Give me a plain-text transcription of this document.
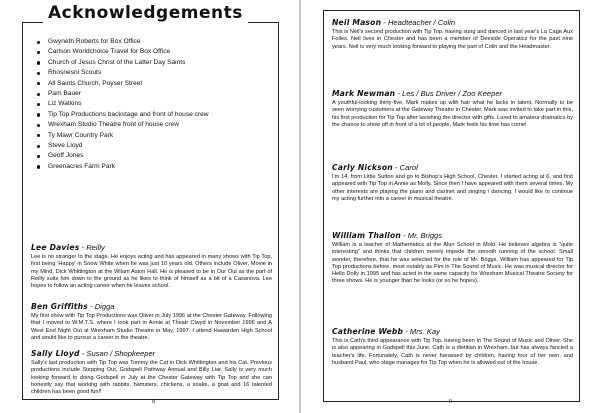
Gwyneth Roberts for Box Office
Carlson Worldchoice Travel for Box Office
Church of Jesus Christ of the Latter Day Saints
Rhosnesni Scouts
All Saints Church, Poyser Street
Pam Bauer
Liz Watkins
Tip Top Productions backstage and front of house crew
Wrexham Studio Theatre front of house crew
Ty Mawr Country Park
Steve Lloyd
Geoff Jones
Greenacres Farm Park
Acknowledgements
Lee Davies - Reilly

Lee is no stranger to the stage. He enjoys acting and has appeared in many shows with Tip Top, first being 'Happy' in Snow White when he was just 10 years old. Others include Oliver, Movie in my Mind, Dick Whittington at the Wilam Aston Hall. He is pleased to be in Our Out as the part of Reilly suits him down to the ground as he likes to think of himself as a bit of a Casanova. Lee hopes to follow an acting career when he leaves school.

Ben Griffiths - Digga

My first show with Tip Top Productions was Oliver in July 1996 at the Chester Gateway. Following that I moved to W.M.T.S. where I took part in Annie at Theatr Clwyd in November 1996 and A West End Night Out at Wrexham Studio Theatre in May, 1997. I attend Hawarden High School and would like to pursue a career in the theatre.

Sally Lloyd - Susan / Shopkeeper

Sally's last production with Tip Top was Tommy the Cat in Dick Whittington and his Cat. Previous productions include Stepping Out, Godspell Pathway Annual and Billy Liar. Sally is very much looking forward to doing Godspell in July at the Chester Gateway with Tip Top and she can honestly say that working with rabbits, hamsters, chickens, a snake, a goat and 16 talented children has been good fun!!

8
Neil Mason - Headteacher / Colin

This is Neil's second production with Tip Top, having sung and danced in last year's La Cage Aux Folles. Neil lives in Chester and has been a member of Deeside Operatics for the past nine years. Neil is very much looking forward to playing the part of Colin and the Headmaster.

Mark Newman - Les / Bus Driver / Zoo Keeper

A youthful-looking thirty-five, Mark makes up with hair what he lacks in talent. Normally to be seen worrying customers at the Gateway Theatre in Chester, Mark was invited to take part in this, his first production for Tip Top after lavishing the director with gifts. Lured to amateur dramatics by the chance to show off in front of a lot of people, Mark feels his time has come!

Carly Nickson - Carol

I'm 14, from Little Sutton and go to Bishop's High School, Chester. I started acting at 6, and first appeared with Tip Top in Annie as Molly. Since then I have appeared with them several times. My other interests are playing the piano and clarinet and singing / dancing. I would like to continue my acting further into a career in musical theatre.

William Thallon - Mr. Briggs

William is a teacher of Mathematics at the Alun School in Mold. He believes algebra is "quite interesting" and thinks that children merely impede the smooth running of the school. Small wonder, therefore, that he was selected for the role of Mr. Briggs. William has appeared for Tip Top productions before, most notably as Pim in The Sound of Music. He was musical director for Hello Dolly in 1995 and has acted in the same capacity for Wrexham Musical Theatre Society for three shows. He is younger than he looks (or so he hopes).

Catherine Webb - Mrs. Kay

This is Cath's third appearance with Tip Top, having been in The Sound of Music and Oliver. She is also appearing in Godspell this June. Cath is a dietitian in Wrexham, but has always fancied a teacher's life. Fortunately, Cath is never harassed by children, having four of her own, and husband Paul, who stage manages for Tip Top when he is allowed out of the house.

9
